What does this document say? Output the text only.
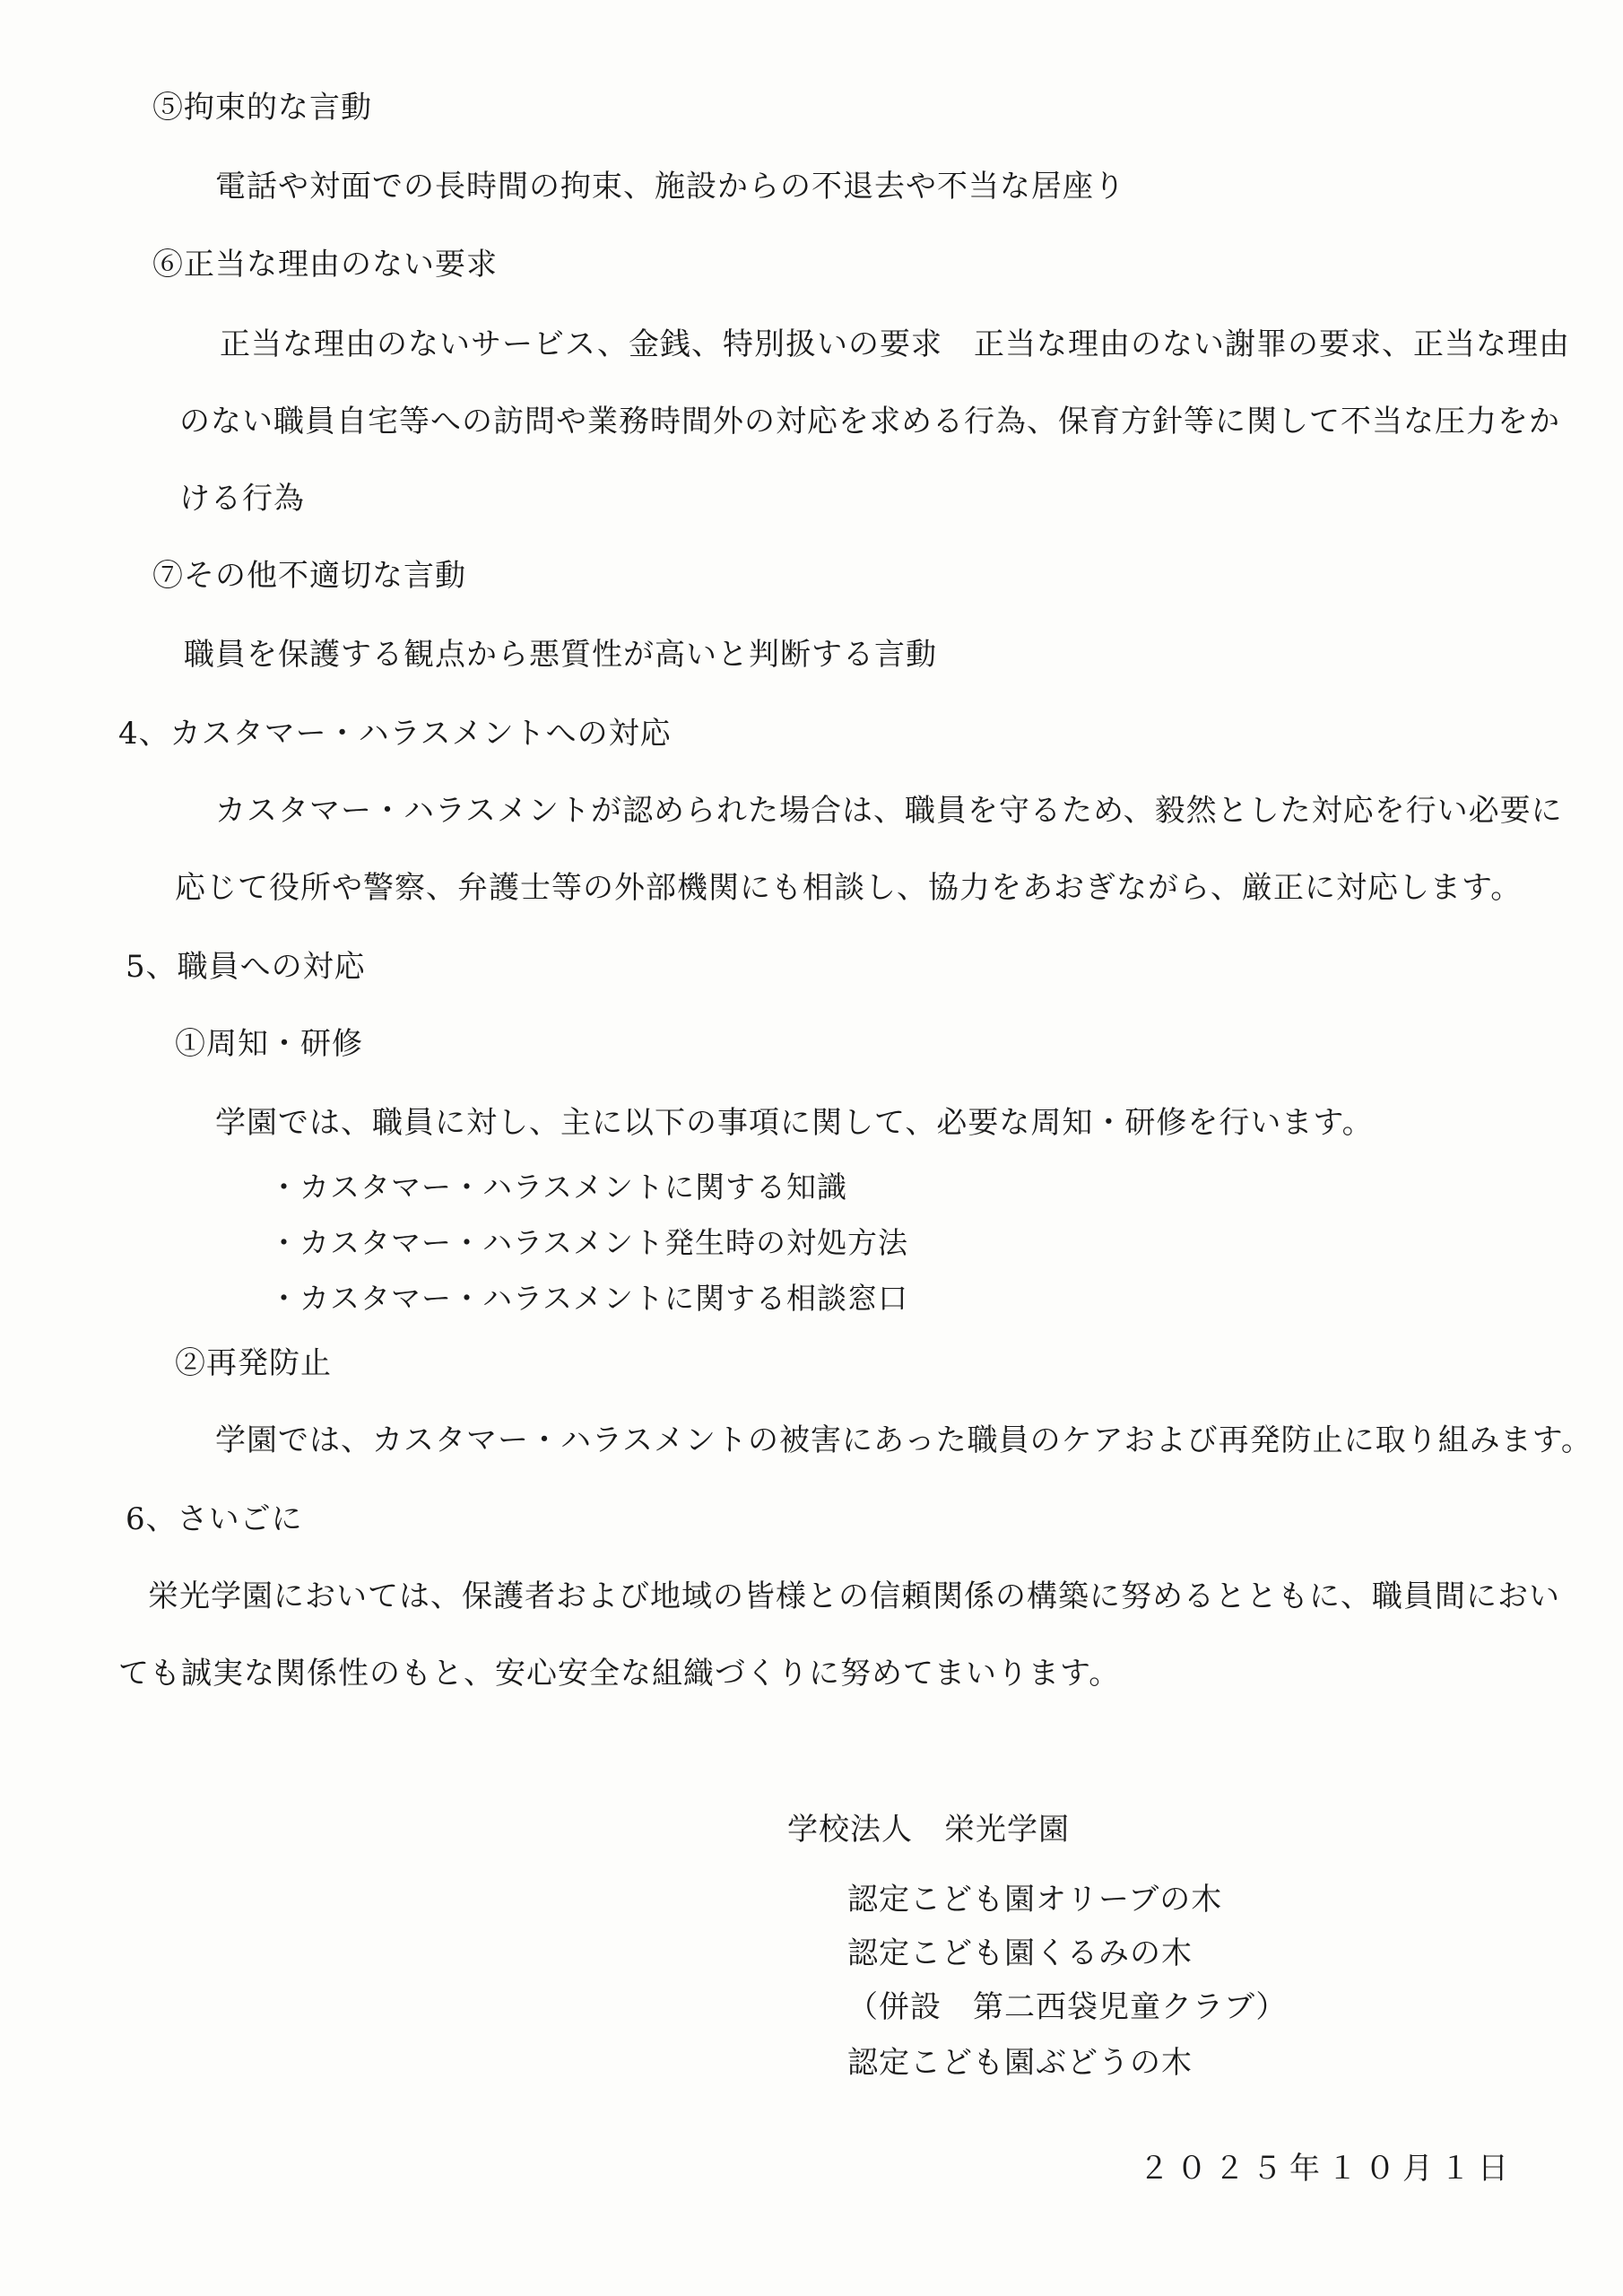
⑤拘束的な言動
電話や対面での長時間の拘束、施設からの不退去や不当な居座り
⑥正当な理由のない要求
正当な理由のないサービス、金銭、特別扱いの要求　正当な理由のない謝罪の要求、正当な理由
のない職員自宅等への訪問や業務時間外の対応を求める行為、保育方針等に関して不当な圧力をか
ける行為
⑦その他不適切な言動
職員を保護する観点から悪質性が高いと判断する言動
4、カスタマー・ハラスメントへの対応
カスタマー・ハラスメントが認められた場合は、職員を守るため、毅然とした対応を行い必要に
応じて役所や警察、弁護士等の外部機関にも相談し、協力をあおぎながら、厳正に対応します。
5、職員への対応
①周知・研修
学園では、職員に対し、主に以下の事項に関して、必要な周知・研修を行います。
・カスタマー・ハラスメントに関する知識
・カスタマー・ハラスメント発生時の対処方法
・カスタマー・ハラスメントに関する相談窓口
②再発防止
学園では、カスタマー・ハラスメントの被害にあった職員のケアおよび再発防止に取り組みます。
6、さいごに
栄光学園においては、保護者および地域の皆様との信頼関係の構築に努めるとともに、職員間におい
ても誠実な関係性のもと、安心安全な組織づくりに努めてまいります。
学校法人　栄光学園
認定こども園オリーブの木
認定こども園くるみの木
（併設　第二西袋児童クラブ）
認定こども園ぶどうの木
２０２５年１０月１日
